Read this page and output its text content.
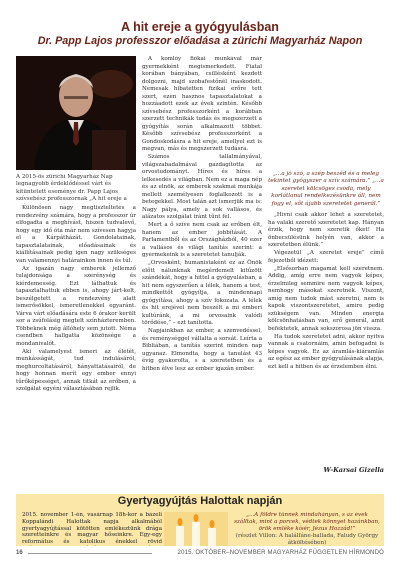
A hit ereje a gyógyulásban
Dr. Papp Lajos professzor előadása a zürichi Magyarház Napon
A 2015-ös zürichi Magyarház Nap legnagyobb érdeklődéssel várt és kitüntetett eseménye dr. Papp Lajos szívsebész professzornak „A hit ereje a

Különösen nagy megtiszteltetés a rendezvény számára, hogy a professzor úr elfogadta a meghívást, hiszen tudvalevő, hogy egy idő óta már nem szívesen hagyja el a Kárpátházát. Gondolatainak, tapasztalatainak, előadásainak és kiállításainak pedig igen nagy szükséges van valamennyi határainkon innen és túl.

Az igazán nagy emberek jellemző tulajdonsága a szerénység és kiérdemesség. Ezt láthattuk és tapasztalhattuk ebben is, ahogy járt-kelt, beszélgetett a rendezvény alatt ismerősökkel, ismeretlenekkel egyaránt. Várva várt előadására este 6 órakor került sor a zsúfolásig megtelt színházteremben. Többeknek még állóhely sem jutott. Néma csendben hallgatta közönsége a mondanivalót.

Aki valamelyest ismeri az életét, munkásságát, tud indulásáról, meghurcoltatásáról, hányattatásairól, de hogy honnan merít egy ember ennyi tűrőképességet, annak titkát az erőben, a szolgálat egyéni választásában rejlik.

A komlóy fiókai munkával már gyermekként megismerkedett. Fiatal korában bányában, csillésként kezdett dolgozni, majd szobafestőnél inaskodott. Nemesak hibatetten fizikai erőre tett szert, ezen hasznos tapasztalatokat a hozzáadott ezek az évek szintén. Később szívsebész professzorként a korábban szerzett technikák tudás és megszerzett a gyógyítás során alkalmazott többet. Később szívsebész professzorként a Gondoskodásra a hit ereje, amellyel ezt is megvan, más és megszerzett tudásra.

Számos tallalmányával, világszabadalmával gazdagította az orvostudományt. Híres és híres a lelkesedés a világban. Nem ez a maga nép és az elnök, az emberek szakmai munkája mellett személyesen foglalkozott is a betegekkel. Most talán azt ismerjük ma is: Nagy pálya, amely a sok vallásos, és alázatos szolgálat iránt tűnt fel.

Mert a ő szíve nem csak az erőben élt, hanem az ember jobbítását. A Parlamentből és az Országházból, 40 ezer a vallásos és világi tanítás szerint: a gyermekeink is a szeretetet tanulják.

„Orvosként, humanistaként ez az Önök előtt nálunknak megérdemelt kitűzött szándékát, hogy a hittel a gyógyulásban, a hit nem egyszerűen a lélek, hanem a test, mindkettőt gyógyítja, a mindennapi gyógyítása, ahogy a szív fokozata. A lélek és hit erejével nem beszélt a mi emberi kultúránk, a mi orvosaink valódi törődése,” – ezt tanította.

Napjainkban az ember, a szenvedéssel, és reménységgel vállalta a sorsát. Leírta a Bibliában, a tanítás szerint minden nap ugyanaz. Elmondta, hogy a tanulást 43 évig gyakorolta, s a szeretetben és a hitben élve lesz az ember igazán ember.

„...a jó szó, a szép beszéd és a meleg tekintet gyógyszer a szív számára.” „...a szeretet kölcsöges csoda, mely korlátlanul rendelkezésünkre áll, nem fogy el, sőt újabb szeretetet generál.”

„Hívni csak akkor lehet a szeretetet, ha valaki szerető szeretetet kap. Hányan érzik, hogy nem szeretik őket! Ha önbecsülésünk helyén van, akkor a szeretetben élünk.”

Végezetül „A szeretet ereje” című fejezetből idézett:

„Elsősorban magamat kell szeretnem. Addig, amíg erre nem vagyok képes, érzelmileg semmire nem vagyok képes, nemhogy másokat szeretnék. Viszont, amíg nem tudok mást szeretni, nem is kapok viszontszeretetet, amire pedig szükségem van. Minden energia kölcsönhatásban van, erő generál, amit befektetek, annak sokszorosa jön vissza.

Ha tudok szeretetet adni, akkor nyitva vannak a csatornáim, amin befogadni is képes vagyok. Ez az áramlás-kiáramlás az egész az ember gyógyulásának alapja, ezt kell a hitben és az érzelemben élni.

W-Karsai Gizella
Gyertyagyújtás Halottak napján
2015. november 1-én, vasárnap 18h-kor a bázeli Koppalándi Halottak napja alkalmából gyertyagyújtással kötötten emlékeztünk drága szeretteinkre és magyar hőseinkre. Egy-egy református és katolikus énekkel rövid
„...A földre tűnnek mindahányan, s az évek szálltak, mint a porcek, védtek könnyet hazánkban, örök emléke kísér, Jézus Hozzád!”
(részlet Villon: A halálfáne-ballada, Faludy György átköltésében)
16	2015. OKTÓBER–NOVEMBER MAGYARHÁZ FÜGGETLEN HÍRMONDÓ
